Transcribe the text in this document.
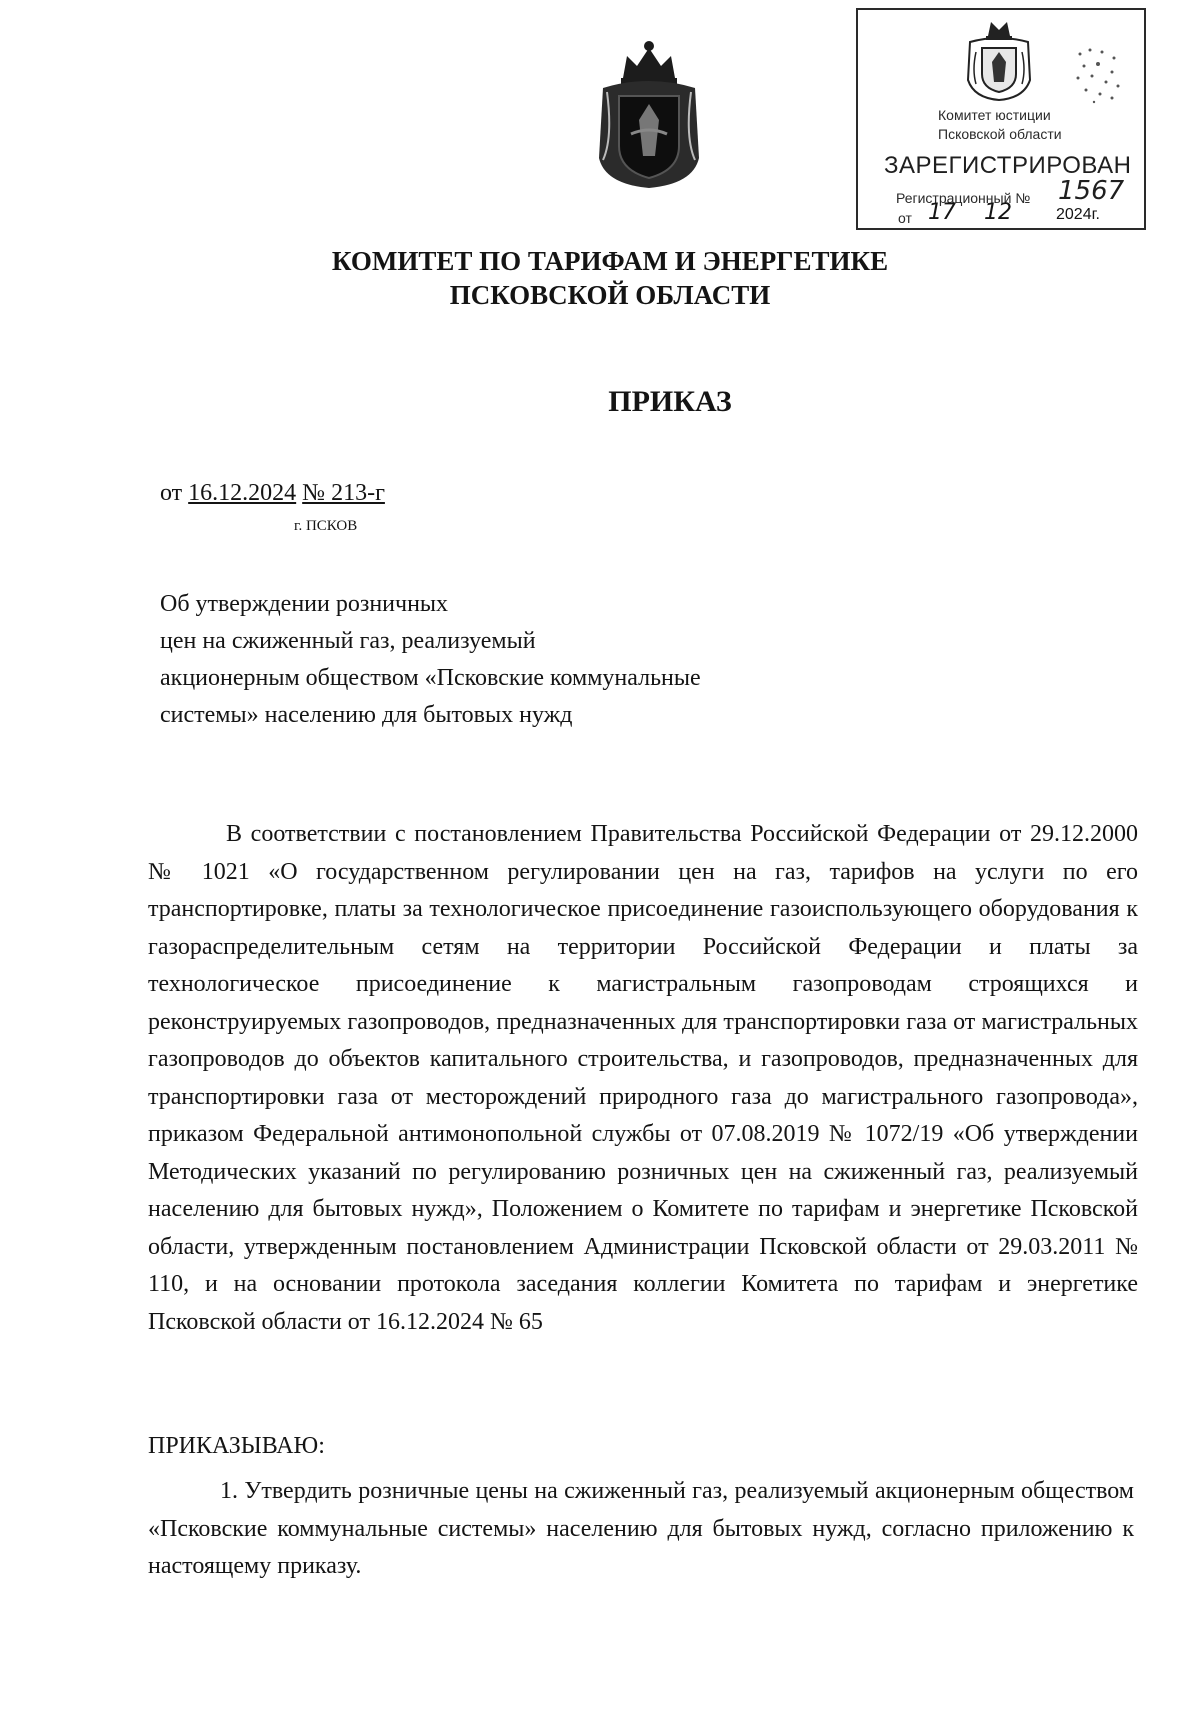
Комитет юстиции
Псковской области
ЗАРЕГИСТРИРОВАН
Регистрационный № 1567
от 17 12	2024г.
КОМИТЕТ ПО ТАРИФАМ И ЭНЕРГЕТИКЕ
ПСКОВСКОЙ ОБЛАСТИ
ПРИКАЗ
от 16.12.2024 № 213-г
г. ПСКОВ
Об утверждении розничных
цен на сжиженный газ, реализуемый
акционерным обществом «Псковские коммунальные
системы» населению для бытовых нужд
В соответствии с постановлением Правительства Российской Федерации от 29.12.2000 № 1021 «О государственном регулировании цен на газ, тарифов на услуги по его транспортировке, платы за технологическое присоединение газоиспользующего оборудования к газораспределительным сетям на территории Российской Федерации и платы за технологическое присоединение к магистральным газопроводам строящихся и реконструируемых газопроводов, предназначенных для транспортировки газа от магистральных газопроводов до объектов капитального строительства, и газопроводов, предназначенных для транспортировки газа от месторождений природного газа до магистрального газопровода», приказом Федеральной антимонопольной службы от 07.08.2019 № 1072/19 «Об утверждении Методических указаний по регулированию розничных цен на сжиженный газ, реализуемый населению для бытовых нужд», Положением о Комитете по тарифам и энергетике Псковской области, утвержденным постановлением Администрации Псковской области от 29.03.2011 № 110, и на основании протокола заседания коллегии Комитета по тарифам и энергетике Псковской области от 16.12.2024 № 65
ПРИКАЗЫВАЮ:
1. Утвердить розничные цены на сжиженный газ, реализуемый акционерным обществом «Псковские коммунальные системы» населению для бытовых нужд, согласно приложению к настоящему приказу.
